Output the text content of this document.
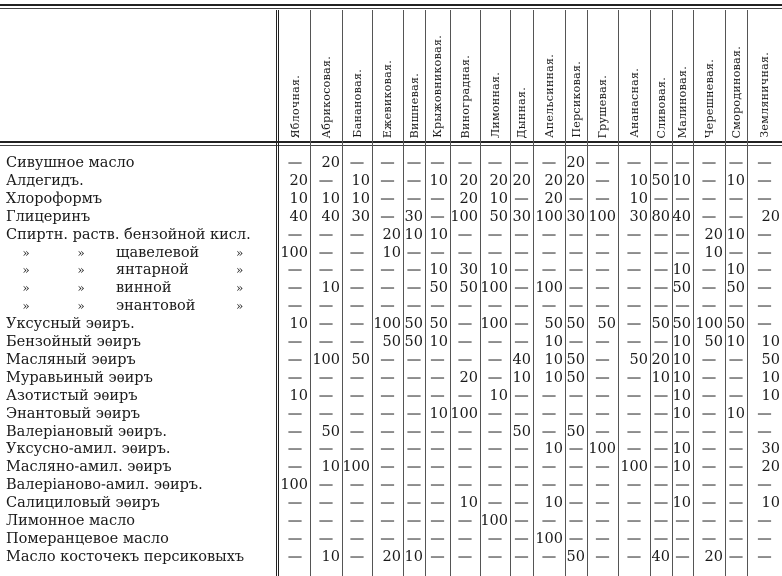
Яблочная. Абрикосовая. Банановая. Ежевиковая. Вишневая. Крыжовниковая. Виноградная. Лимонная. Дынная. Апельсинная. Персиковая. Грушевая. Ананасная. Сливовая. Малиновая. Черешневая. Смородиновая. Земляничная.
Сивушное масло . . .	—	20 —	— — — —	— — — 20 —	— — — — — —
Алдегидъ. . . .	20 —	10 — — 10 20 20 20 20 20 —	10 50 10 — 10 —
Хлороформъ . . .	10 10 10 — — —	20 10 —	20 — —	10 — — — — —
Глицеринъ . . .	40 40 30 — 30 — 100 50 30 100 30 100 30 80 40 — —	20
Спиртн. раств. бензойной кисл.	—	—	—	20 10 10 —	— — — — —	— — —	20 10 —
»	» щавелевой	»	100 —	—	10 — — —	— — — — —	— — —	10 — —
»	» янтарной	»	—	—	—	— — 10 30 10 — — — —	— — 10 — 10 —
»	» винной	»	—	10 —	— — 50 50 100 — 100 — —	— — 50 — 50 —
»	» энантовой	»	—	—	—	— — — —	— — — — —	— — — — — —
Уксусный эѳиръ. . . .	10 —	— 100 50 50 — 100 —	50 50 50 — 50 50 100 50 —
Бензойный эѳиръ . . .	—	—	—	50 50 10 —	— —	10 — —	— — 10 50 10	10
Масляный эѳиръ . . .	— 100 50 — — — —	— 40 10 50 —	50 20 10 — —	50
Муравьиный эѳиръ . . .	—	—	—	— — —	20 — 10 10 50 —	— 10 10 — —	10
Азотистый эѳиръ . . .	10 —	—	— — — —	10 — — — —	— — 10 — —	10
Энантовый эѳиръ . . .	—	—	—	— — 10 100 — — — — —	— — 10 — 10 —
Валеріановый эѳиръ. . . .	—	50 —	— — — —	— 50 — 50 —	— — — — — —
Уксусно-амил. эѳиръ. . . .	—	—	—	— — — —	— —	10 — 100 — — 10 — —	30
Масляно-амил. эѳиръ . . .	—	10 100 — — — —	— — — — — 100 — 10 — —	20
Валеріаново-амил. эѳиръ. . . .	100 —	—	— — — —	— — — — —	— — — — — —
Салициловый эѳиръ . . .	—	—	—	— — —	10 — —	10 — —	— — 10 — —	10
Лимонное масло . . .	—	—	—	— — — — 100 — — — —	— — — — — —
Померанцевое масло . . .	—	—	—	— — — —	— — 100 — —	— — — — — —
Масло косточекъ персиковыхъ . . .	—	10 —	20 10 — —	— — — 50 —	— 40 —	20 — —
